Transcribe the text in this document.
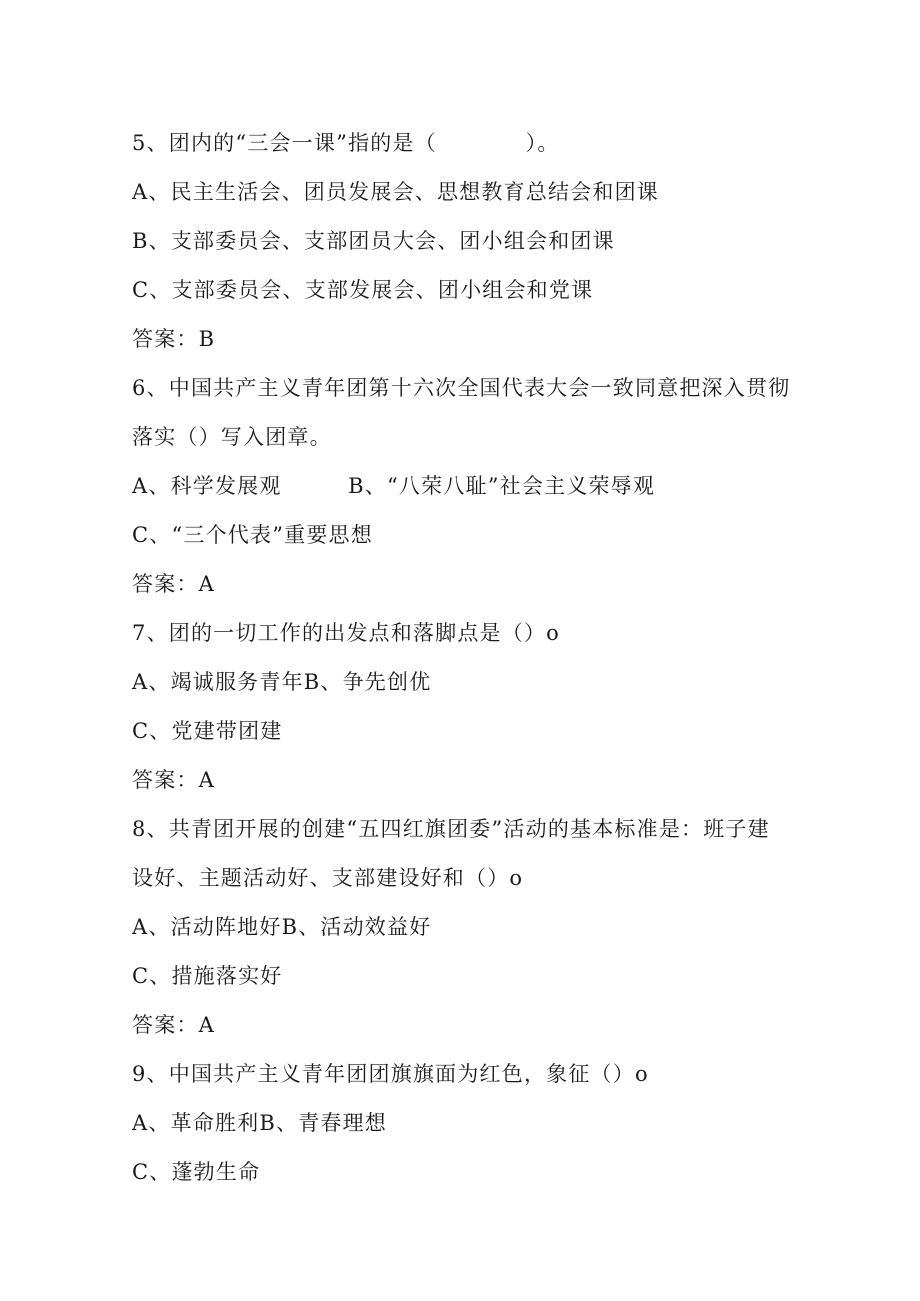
5、团内的“三会一课”指的是（　　　　）。
A、民主生活会、团员发展会、思想教育总结会和团课
B、支部委员会、支部团员大会、团小组会和团课
C、支部委员会、支部发展会、团小组会和党课
答案：B
6、中国共产主义青年团第十六次全国代表大会一致同意把深入贯彻
落实（）写入团章。
A、科学发展观　　　B、“八荣八耻”社会主义荣辱观
C、“三个代表”重要思想
答案：A
7、团的一切工作的出发点和落脚点是（）o
A、竭诚服务青年B、争先创优
C、党建带团建
答案：A
8、共青团开展的创建“五四红旗团委”活动的基本标准是：班子建
设好、主题活动好、支部建设好和（）o
A、活动阵地好B、活动效益好
C、措施落实好
答案：A
9、中国共产主义青年团团旗旗面为红色，象征（）o
A、革命胜利B、青春理想
C、蓬勃生命
